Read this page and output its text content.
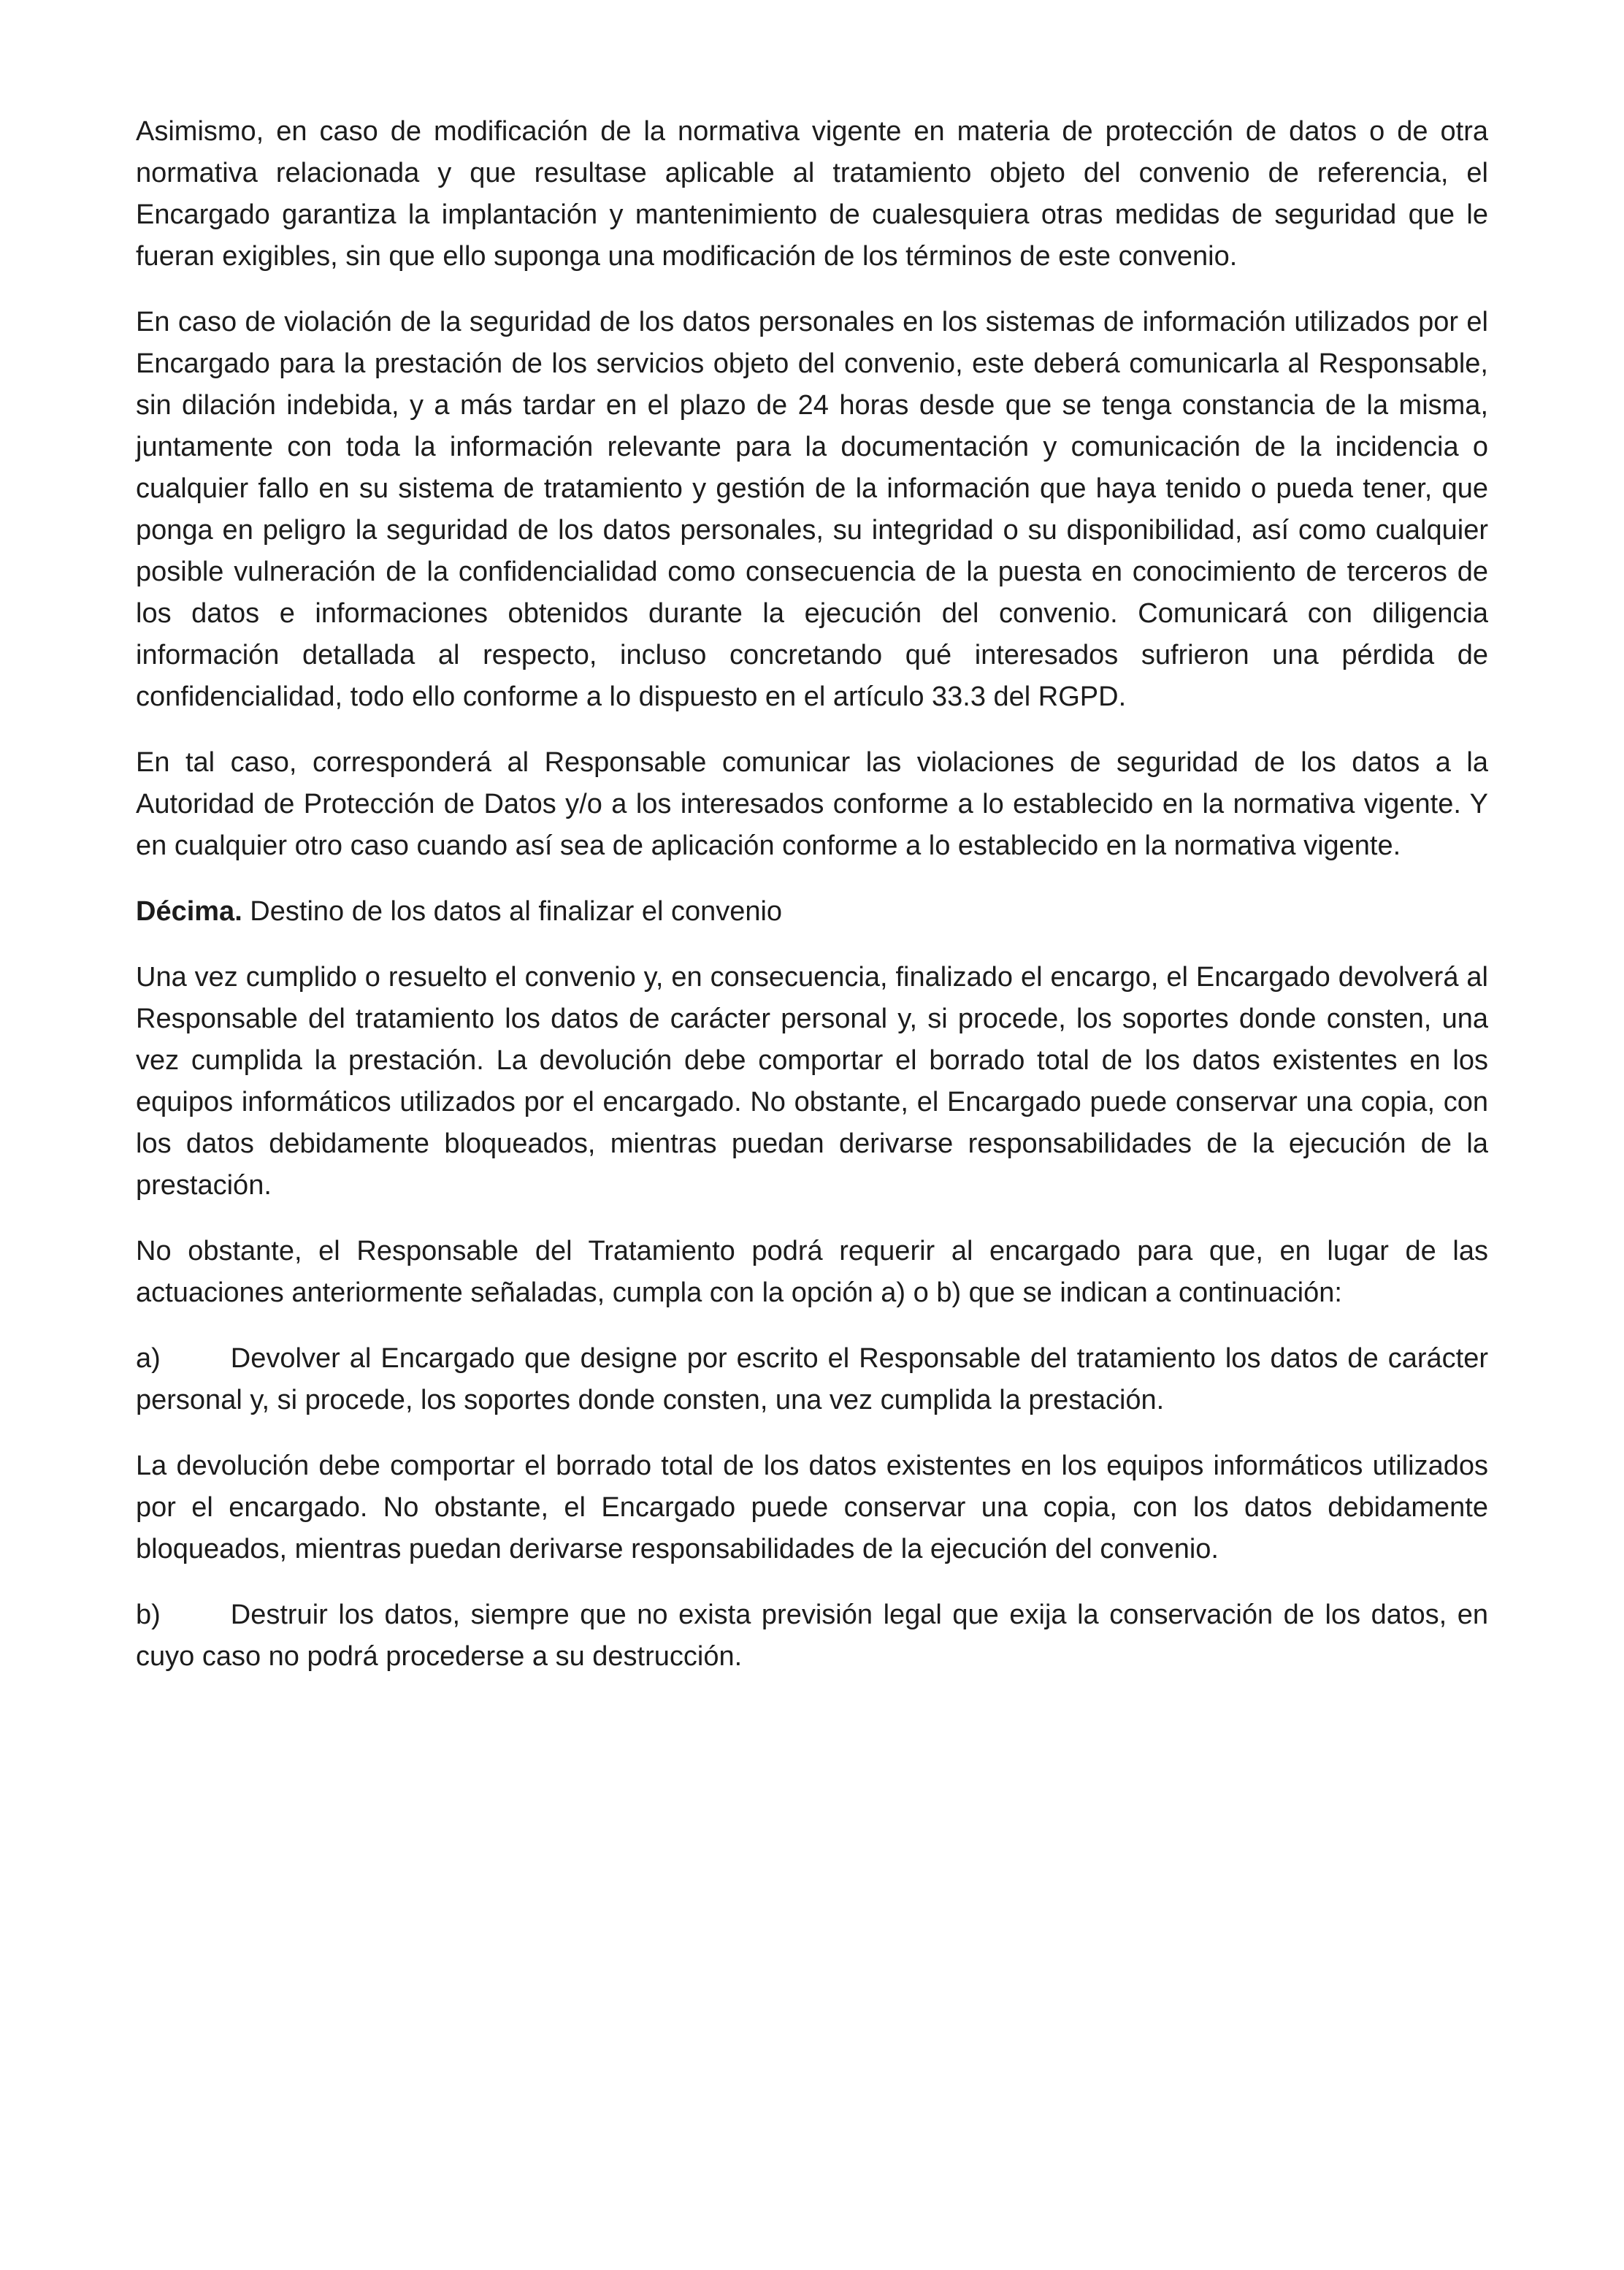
Asimismo, en caso de modificación de la normativa vigente en materia de protección de datos o de otra normativa relacionada y que resultase aplicable al tratamiento objeto del convenio de referencia, el Encargado garantiza la implantación y mantenimiento de cualesquiera otras medidas de seguridad que le fueran exigibles, sin que ello suponga una modificación de los términos de este convenio.

En caso de violación de la seguridad de los datos personales en los sistemas de información utilizados por el Encargado para la prestación de los servicios objeto del convenio, este deberá comunicarla al Responsable, sin dilación indebida, y a más tardar en el plazo de 24 horas desde que se tenga constancia de la misma, juntamente con toda la información relevante para la documentación y comunicación de la incidencia o cualquier fallo en su sistema de tratamiento y gestión de la información que haya tenido o pueda tener, que ponga en peligro la seguridad de los datos personales, su integridad o su disponibilidad, así como cualquier posible vulneración de la confidencialidad como consecuencia de la puesta en conocimiento de terceros de los datos e informaciones obtenidos durante la ejecución del convenio. Comunicará con diligencia información detallada al respecto, incluso concretando qué interesados sufrieron una pérdida de confidencialidad, todo ello conforme a lo dispuesto en el artículo 33.3 del RGPD.

En tal caso, corresponderá al Responsable comunicar las violaciones de seguridad de los datos a la Autoridad de Protección de Datos y/o a los interesados conforme a lo establecido en la normativa vigente. Y en cualquier otro caso cuando así sea de aplicación conforme a lo establecido en la normativa vigente.

Décima. Destino de los datos al finalizar el convenio

Una vez cumplido o resuelto el convenio y, en consecuencia, finalizado el encargo, el Encargado devolverá al Responsable del tratamiento los datos de carácter personal y, si procede, los soportes donde consten, una vez cumplida la prestación. La devolución debe comportar el borrado total de los datos existentes en los equipos informáticos utilizados por el encargado. No obstante, el Encargado puede conservar una copia, con los datos debidamente bloqueados, mientras puedan derivarse responsabilidades de la ejecución de la prestación.

No obstante, el Responsable del Tratamiento podrá requerir al encargado para que, en lugar de las actuaciones anteriormente señaladas, cumpla con la opción a) o b) que se indican a continuación:

a)	Devolver al Encargado que designe por escrito el Responsable del tratamiento los datos de carácter personal y, si procede, los soportes donde consten, una vez cumplida la prestación.

La devolución debe comportar el borrado total de los datos existentes en los equipos informáticos utilizados por el encargado. No obstante, el Encargado puede conservar una copia, con los datos debidamente bloqueados, mientras puedan derivarse responsabilidades de la ejecución del convenio.

b)	Destruir los datos, siempre que no exista previsión legal que exija la conservación de los datos, en cuyo caso no podrá procederse a su destrucción.
